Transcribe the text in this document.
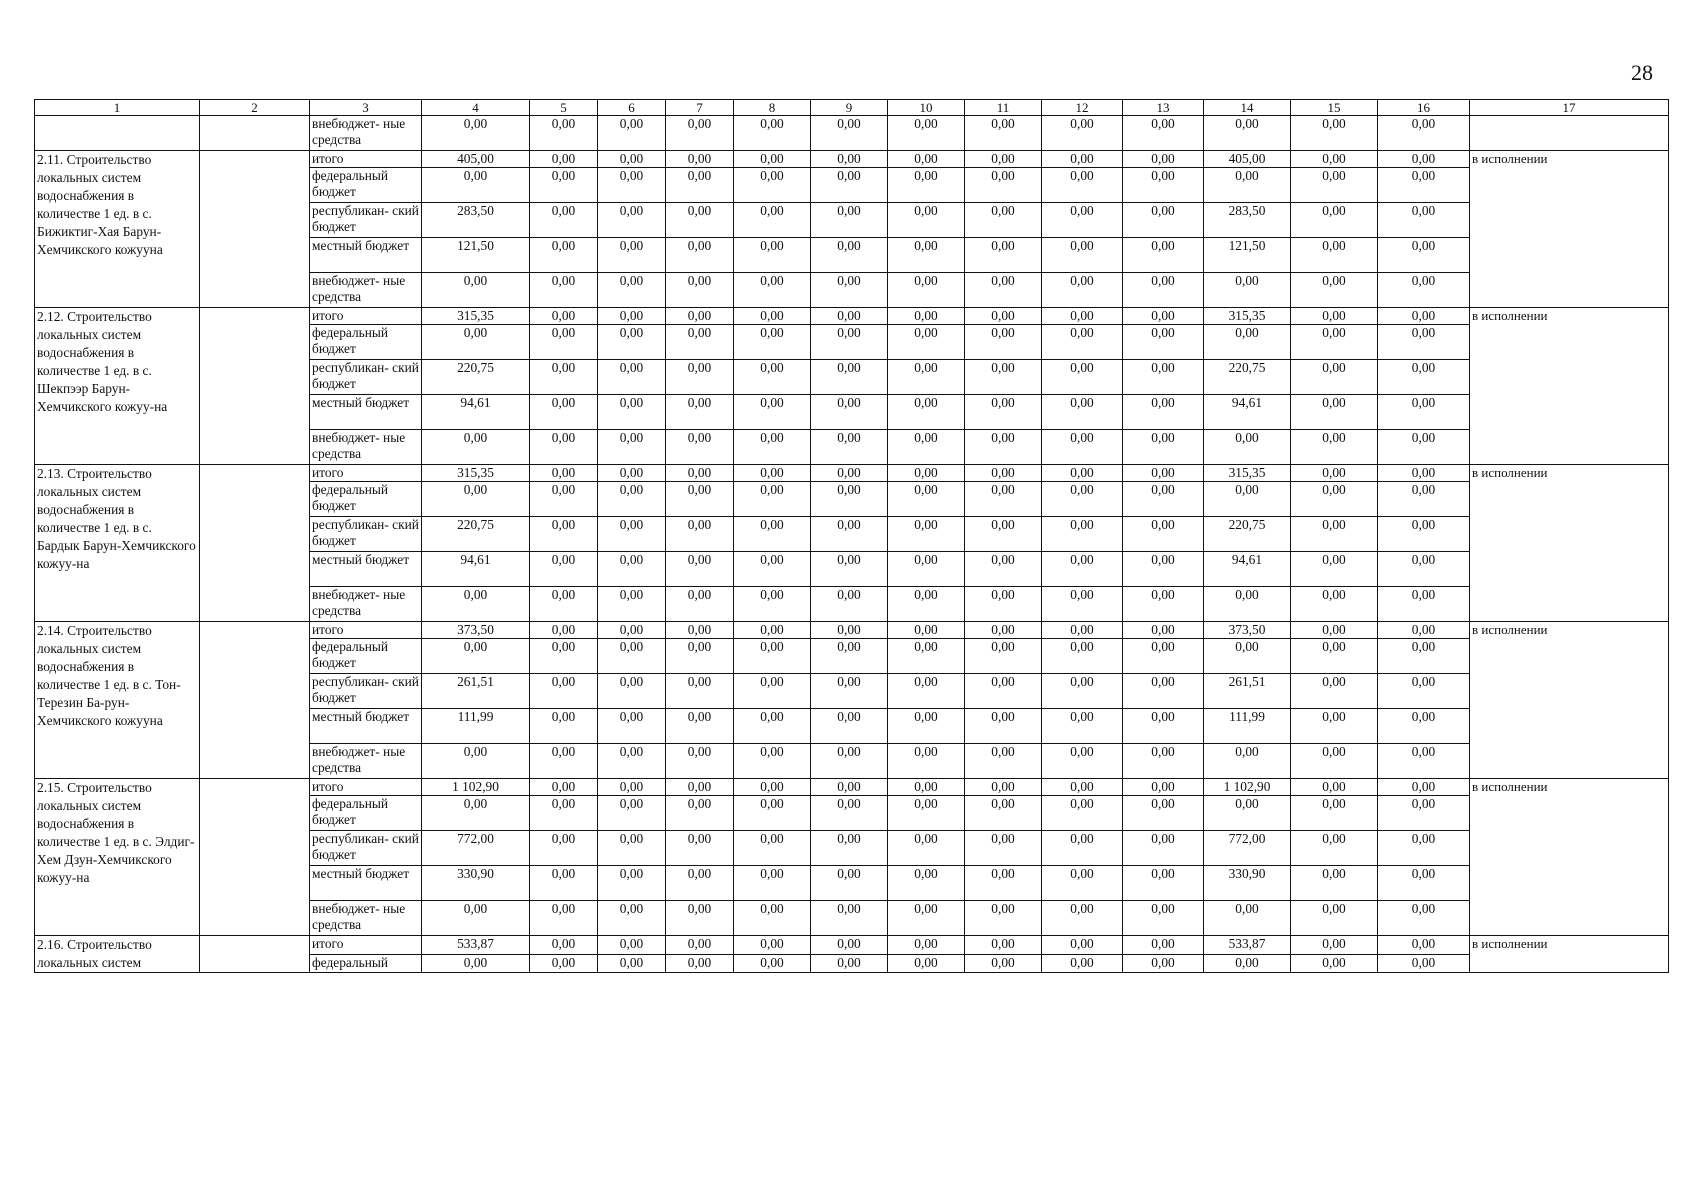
28
1	2	3	4	5	6	7	8	9	10	11	12	13	14	15	16	17
		внебюджет- ные средства	0,00	0,00	0,00	0,00	0,00	0,00	0,00	0,00	0,00	0,00	0,00	0,00	0,00	
2.11. Строительство локальных систем водоснабжения в количестве 1 ед. в с. Бижиктиг-Хая Барун-Хемчикского кожууна		итого	405,00	0,00	0,00	0,00	0,00	0,00	0,00	0,00	0,00	0,00	405,00	0,00	0,00	в исполнении
		федеральный бюджет	0,00	0,00	0,00	0,00	0,00	0,00	0,00	0,00	0,00	0,00	0,00	0,00	0,00	
		республикан- ский бюджет	283,50	0,00	0,00	0,00	0,00	0,00	0,00	0,00	0,00	0,00	283,50	0,00	0,00	
		местный бюджет	121,50	0,00	0,00	0,00	0,00	0,00	0,00	0,00	0,00	0,00	121,50	0,00	0,00	
		внебюджет- ные средства	0,00	0,00	0,00	0,00	0,00	0,00	0,00	0,00	0,00	0,00	0,00	0,00	0,00	
2.12. Строительство локальных систем водоснабжения в количестве 1 ед. в с. Шекпээр Барун-Хемчикского кожуу-на		итого	315,35	0,00	0,00	0,00	0,00	0,00	0,00	0,00	0,00	0,00	315,35	0,00	0,00	в исполнении
		федеральный бюджет	0,00	0,00	0,00	0,00	0,00	0,00	0,00	0,00	0,00	0,00	0,00	0,00	0,00	
		республикан- ский бюджет	220,75	0,00	0,00	0,00	0,00	0,00	0,00	0,00	0,00	0,00	220,75	0,00	0,00	
		местный бюджет	94,61	0,00	0,00	0,00	0,00	0,00	0,00	0,00	0,00	0,00	94,61	0,00	0,00	
		внебюджет- ные средства	0,00	0,00	0,00	0,00	0,00	0,00	0,00	0,00	0,00	0,00	0,00	0,00	0,00	
2.13. Строительство локальных систем водоснабжения в количестве 1 ед. в с. Бардык Барун-Хемчикского кожуу-на		итого	315,35	0,00	0,00	0,00	0,00	0,00	0,00	0,00	0,00	0,00	315,35	0,00	0,00	в исполнении
		федеральный бюджет	0,00	0,00	0,00	0,00	0,00	0,00	0,00	0,00	0,00	0,00	0,00	0,00	0,00	
		республикан- ский бюджет	220,75	0,00	0,00	0,00	0,00	0,00	0,00	0,00	0,00	0,00	220,75	0,00	0,00	
		местный бюджет	94,61	0,00	0,00	0,00	0,00	0,00	0,00	0,00	0,00	0,00	94,61	0,00	0,00	
		внебюджет- ные средства	0,00	0,00	0,00	0,00	0,00	0,00	0,00	0,00	0,00	0,00	0,00	0,00	0,00	
2.14. Строительство локальных систем водоснабжения в количестве 1 ед. в с. Тон-Терезин Ба-рун-Хемчикского кожууна		итого	373,50	0,00	0,00	0,00	0,00	0,00	0,00	0,00	0,00	0,00	373,50	0,00	0,00	в исполнении
		федеральный бюджет	0,00	0,00	0,00	0,00	0,00	0,00	0,00	0,00	0,00	0,00	0,00	0,00	0,00	
		республикан- ский бюджет	261,51	0,00	0,00	0,00	0,00	0,00	0,00	0,00	0,00	0,00	261,51	0,00	0,00	
		местный бюджет	111,99	0,00	0,00	0,00	0,00	0,00	0,00	0,00	0,00	0,00	111,99	0,00	0,00	
		внебюджет- ные средства	0,00	0,00	0,00	0,00	0,00	0,00	0,00	0,00	0,00	0,00	0,00	0,00	0,00	
2.15. Строительство локальных систем водоснабжения в количестве 1 ед. в с. Элдиг-Хем Дзун-Хемчикского кожуу-на		итого	1 102,90	0,00	0,00	0,00	0,00	0,00	0,00	0,00	0,00	0,00	1 102,90	0,00	0,00	в исполнении
		федеральный бюджет	0,00	0,00	0,00	0,00	0,00	0,00	0,00	0,00	0,00	0,00	0,00	0,00	0,00	
		республикан- ский бюджет	772,00	0,00	0,00	0,00	0,00	0,00	0,00	0,00	0,00	0,00	772,00	0,00	0,00	
		местный бюджет	330,90	0,00	0,00	0,00	0,00	0,00	0,00	0,00	0,00	0,00	330,90	0,00	0,00	
		внебюджет- ные средства	0,00	0,00	0,00	0,00	0,00	0,00	0,00	0,00	0,00	0,00	0,00	0,00	0,00	
2.16. Строительство локальных систем		итого	533,87	0,00	0,00	0,00	0,00	0,00	0,00	0,00	0,00	0,00	533,87	0,00	0,00	в исполнении
		федеральный	0,00	0,00	0,00	0,00	0,00	0,00	0,00	0,00	0,00	0,00	0,00	0,00	0,00	
